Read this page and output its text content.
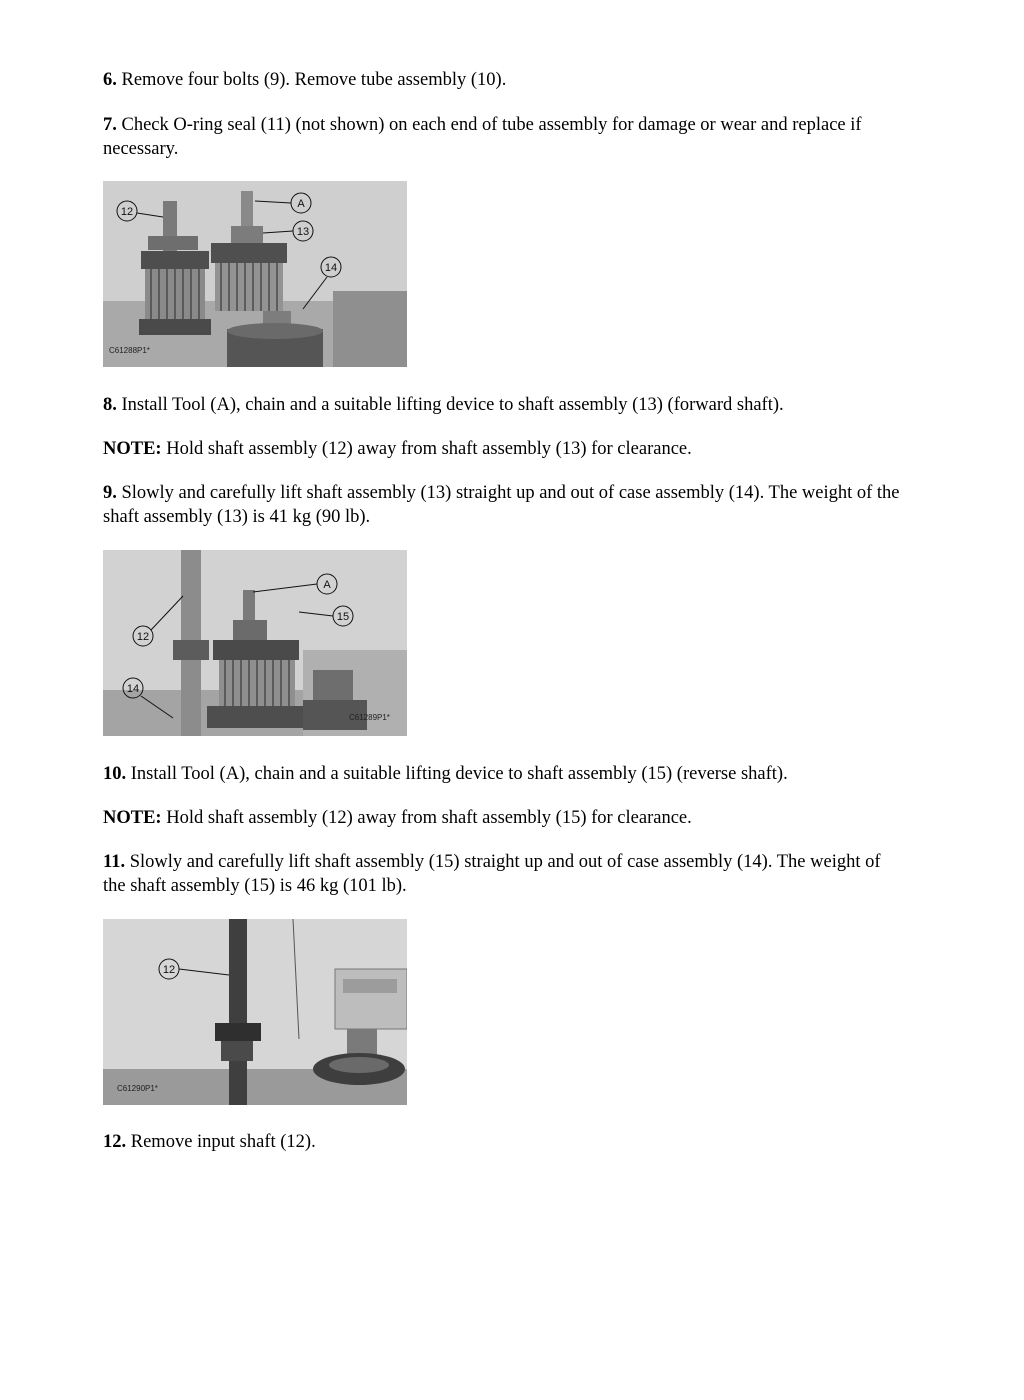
6. Remove four bolts (9). Remove tube assembly (10).

7. Check O-ring seal (11) (not shown) on each end of tube assembly for damage or wear and replace if necessary.

12
A
13
14
C61288P1*

8. Install Tool (A), chain and a suitable lifting device to shaft assembly (13) (forward shaft).

NOTE: Hold shaft assembly (12) away from shaft assembly (13) for clearance.

9. Slowly and carefully lift shaft assembly (13) straight up and out of case assembly (14). The weight of the shaft assembly (13) is 41 kg (90 lb).

A
15
12
14
C61289P1*

10. Install Tool (A), chain and a suitable lifting device to shaft assembly (15) (reverse shaft).

NOTE: Hold shaft assembly (12) away from shaft assembly (15) for clearance.

11. Slowly and carefully lift shaft assembly (15) straight up and out of case assembly (14). The weight of the shaft assembly (15) is 46 kg (101 lb).

12
C61290P1*

12. Remove input shaft (12).
